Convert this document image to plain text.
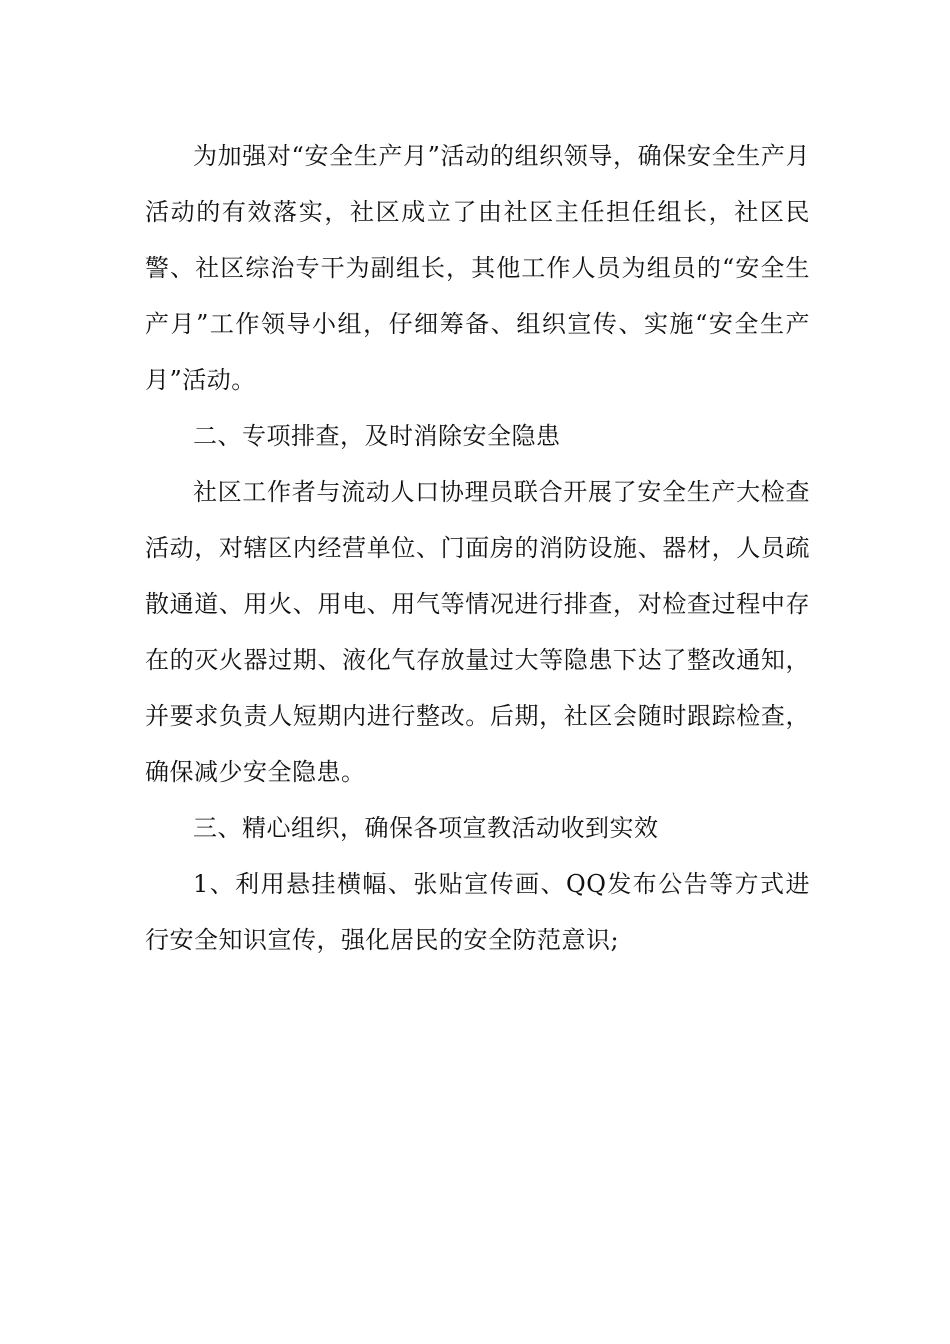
为加强对“安全生产月”活动的组织领导，确保安全生产月活动的有效落实，社区成立了由社区主任担任组长，社区民警、社区综治专干为副组长，其他工作人员为组员的“安全生产月”工作领导小组，仔细筹备、组织宣传、实施“安全生产月”活动。

二、专项排查，及时消除安全隐患

社区工作者与流动人口协理员联合开展了安全生产大检查活动，对辖区内经营单位、门面房的消防设施、器材，人员疏散通道、用火、用电、用气等情况进行排查，对检查过程中存在的灭火器过期、液化气存放量过大等隐患下达了整改通知，并要求负责人短期内进行整改。后期，社区会随时跟踪检查，确保减少安全隐患。

三、精心组织，确保各项宣教活动收到实效

1、利用悬挂横幅、张贴宣传画、QQ发布公告等方式进行安全知识宣传，强化居民的安全防范意识;
